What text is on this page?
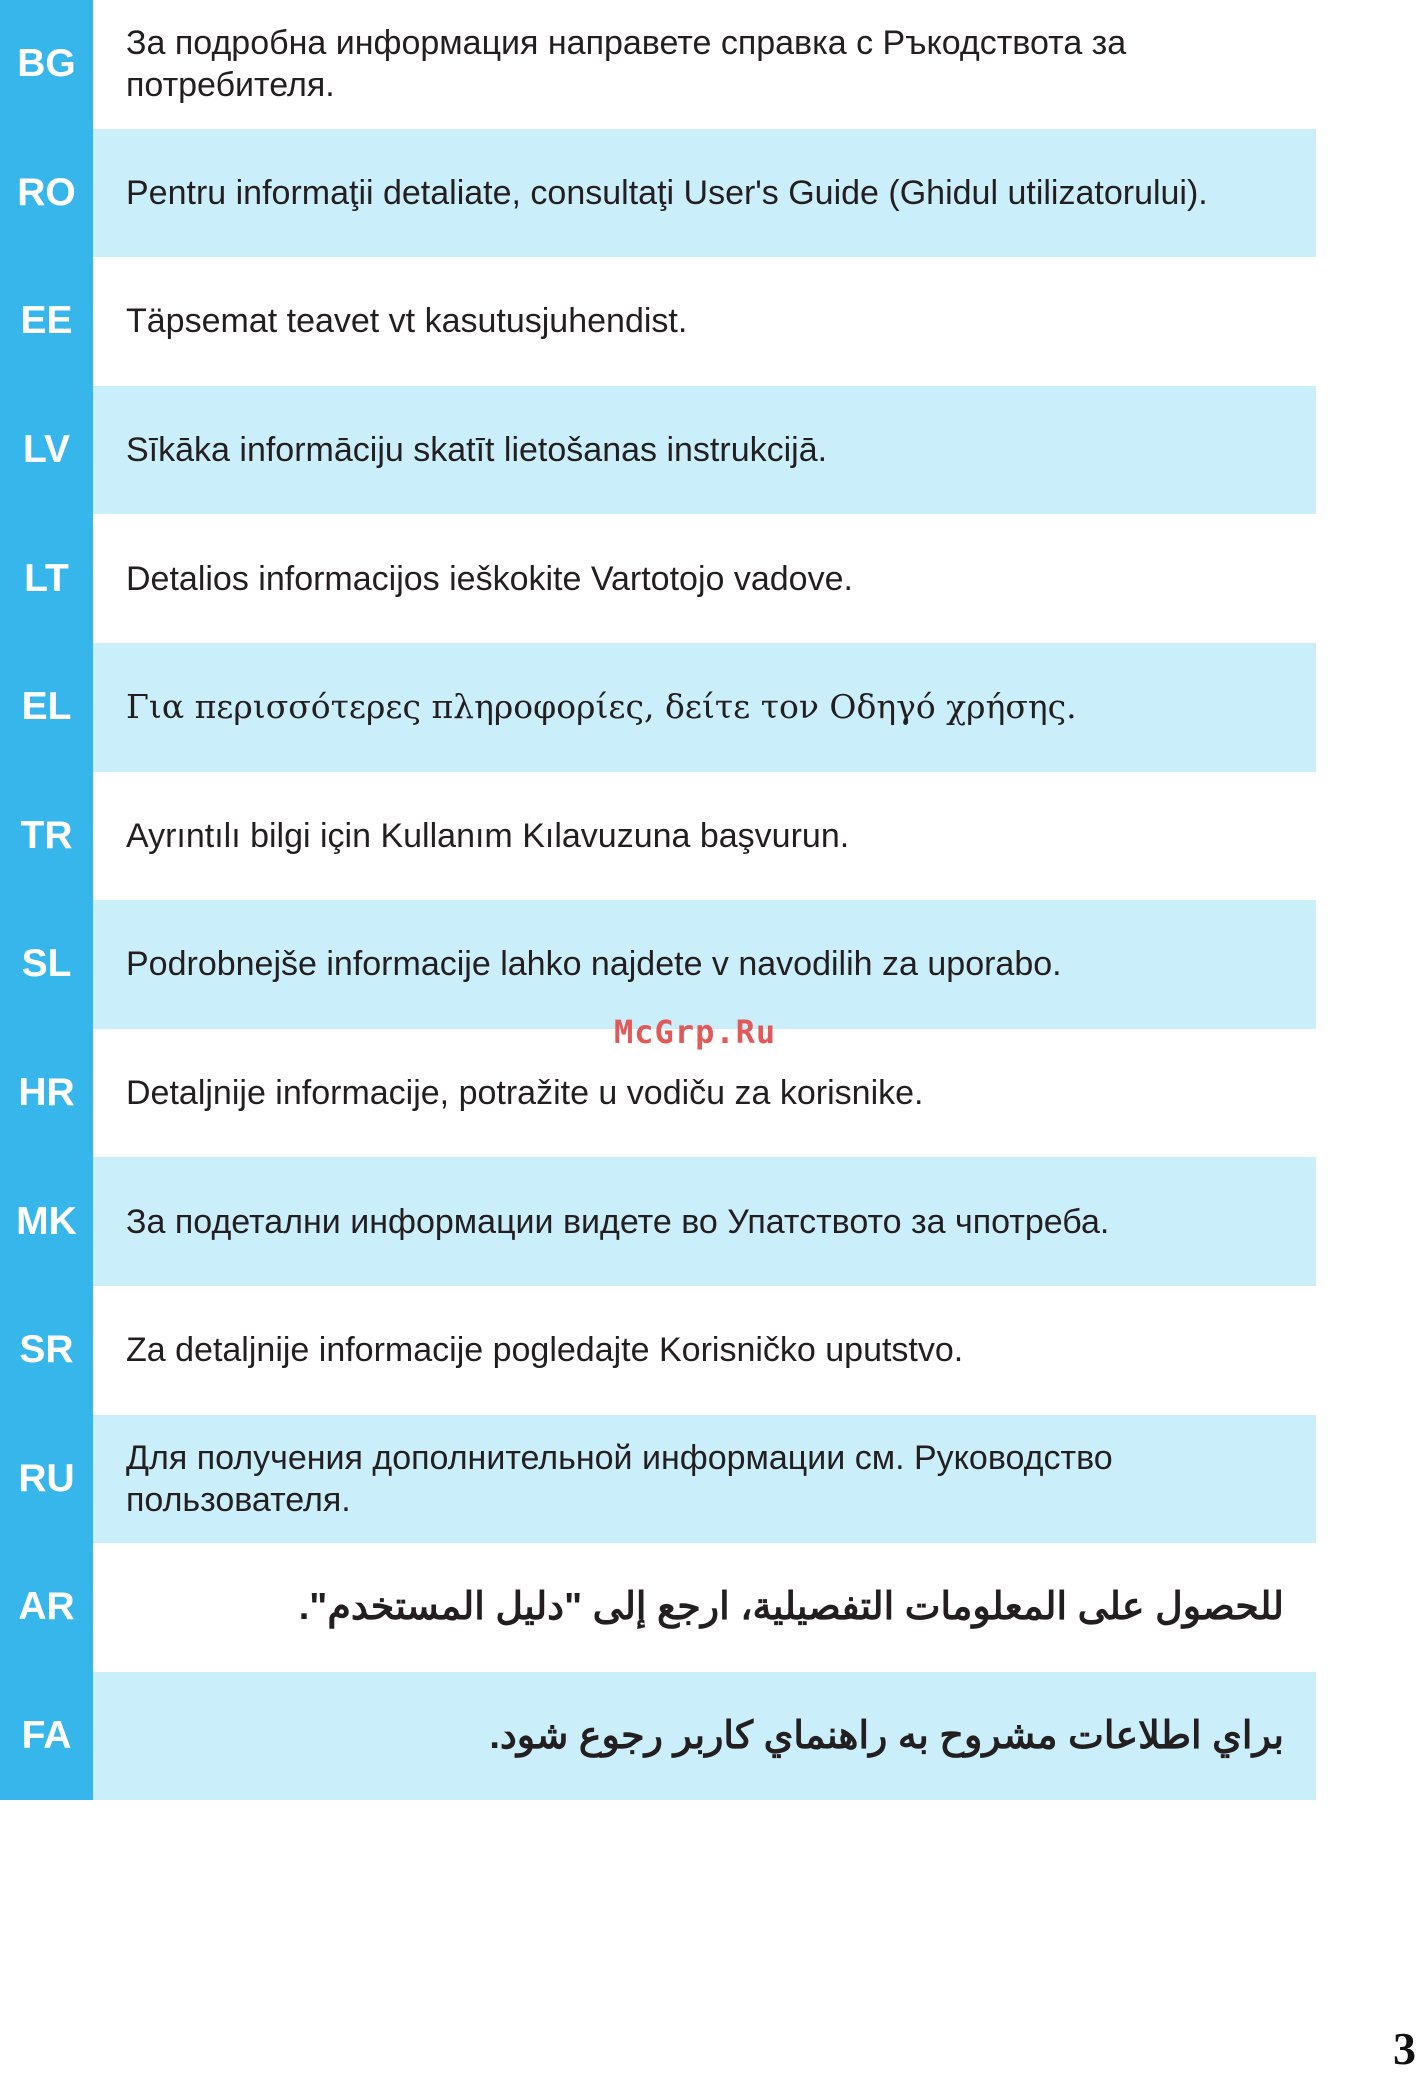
BG	За подробна информация направете справка с Ръкодствота за потребителя.
RO	Pentru informaţii detaliate, consultaţi User's Guide (Ghidul utilizatorului).
EE	Täpsemat teavet vt kasutusjuhendist.
LV	Sīkāka informāciju skatīt lietošanas instrukcijā.
LT	Detalios informacijos ieškokite Vartotojo vadove.
EL	Για περισσότερες πληροφορίες, δείτε τον Οδηγό χρήσης.
TR	Ayrıntılı bilgi için Kullanım Kılavuzuna başvurun.
SL	Podrobnejše informacije lahko najdete v navodilih za uporabo.
HR	Detaljnije informacije, potražite u vodiču za korisnike.
MK	За подетални информации видете во Упатството за чпотреба.
SR	Za detaljnije informacije pogledajte Korisničko uputstvo.
RU	Для получения дополнительной информации см. Руководство пользователя.
AR	للحصول على المعلومات التفصيلية، ارجع إلى "دليل المستخدم".
FA	براي اطلاعات مشروح به راهنماي كاربر رجوع شود.
McGrp.Ru
3
